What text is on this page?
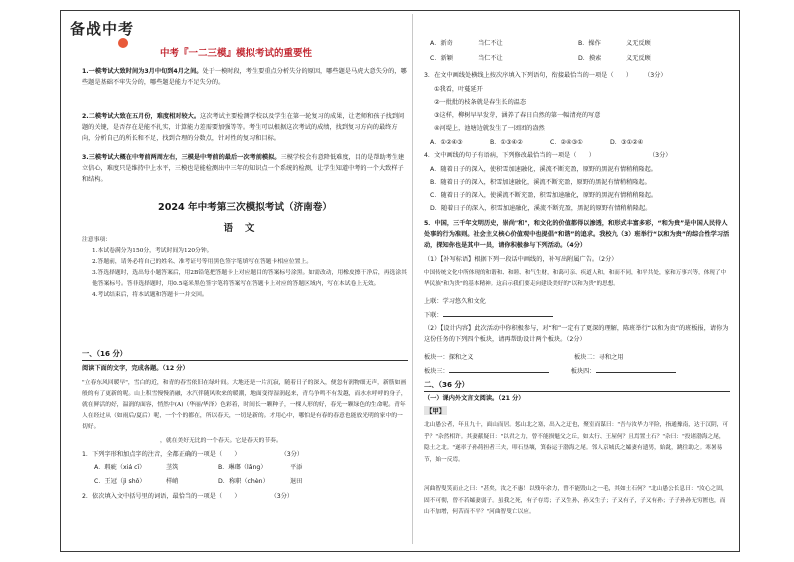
备战中考
中考『一二三模』模拟考试的重要性
1.一模考试大致时间为3月中旬到4月之间。处于一模时段，考生要重点分析失分的原因，哪些题是马虎大意失分的，哪些题是基础不牢失分的，哪些题是能力不足失分的。
2.二模考试大致在五月份，难度相对较大。这次考试主要检测学校以及学生在第一轮复习的成果，让老师和孩子找到问题的关键，是否存在是能不扎实，计算能力差需要加强等等。考生可以根据这次考试的成绩，找到复习方向的最终方向，分析自己的所长和不足，找到合理的分数点，针对性的复习和目标。
3.三模考试大概在中考前两周左右，三模是中考前的最后一次考前模拟。三模学校会有意降低难度，目的是帮助考生建立信心，难度只是维持中上水平，三模也是能检测出中三年的知识点一个系统的检测，让学生知道中考的一个大致样子和结构。
2024 年中考第三次模拟考试（济南卷）
语文
注意事项：
1.本试卷满分为150分，考试时间为120分钟。
2.答题前，请务必将自己的姓名、准考证号等用黑色签字笔填写在答题卡相应位置上。
3.答选择题时，选出每小题答案后，用2B铅笔把答题卡上对应题目的答案标号涂黑。如需改动，用橡皮擦干净后，再选涂其他答案标号。答非选择题时，用0.5毫米黑色签字笔将答案写在答题卡上对应的答题区域内，写在本试卷上无效。
4.考试结束后，将本试题和答题卡一并交回。
一、（16 分）
阅读下面的文字，完成各题。（12 分）
"立春东风回暖早"，雪白的近，和青的春雪依旧在绿叶间。大地还是一片沉寂，随着日子的深入，便忽有润物细无声，新筋如画般的有了更新的呢。山上积雪慢慢消融，水汽伴随风吹来的暖潮，地面变得湿润起来，青鸟争鸣不有发越，而水水呼呼的身子，就在鲜活的好，温润的面容，悄然中(A)（华丽/华泽）色彩着，时间长一颗种子，一棵人形的好，春光一颗绿色的生命呢。青年人在经过从（如雨后/夏后）呢，一个个的都在，所以春天，一切是新的。才用心中，哪怕是有春的春意也能放光明的家中的一切好。
，就在美好无比的一个春天。它是春天的节奏。
1．下列字形和加点字的注音，全都正确的一项是（　　）	（3分）
A．瑕疵（xiá cī）	茎筑	B．琳瑯（lǎng）	平添
C．王冠（jì shǒ）	样峭	D．称职（chèn）	退田
2．依次填入文中括号里的词语，最恰当的一项是（　　）	（3分）
A．新奇	当仁不让	B．操作	义无反顾
C．新颖	当仁不让	D．摸索	义无反顾
3．在文中画线处横线上按次序填入下列语句，衔接最恰当的一项是（　　） （3分）
①我看，叶蔓延开
②一批批的枝条就是春生长的温态
③这样，柳树早早发芽，涵养了春日自然的第一幅清亮的写意
④河堤上，池塘边就发生了一团团的盎然
A．①②④③	B．①③④②	C．②④③①	D．③①②④
4．文中画线的句子有语病，下列修改最恰当的一项是（　　）	（3分）
A．随着日子的深入，使积雪加速融化，溪流不断充盈，原野的黑泥有情稍稍隆起。
B．随着日子的深入，积雪加速融化，溪流不断充盈，原野的黑泥有情稍稍隆起。
C．随着日子的深入，使溪流不断充盈，积雪加速融化，原野的黑泥有情稍稍隆起。
D．随着日子的深入，积雪加速融化，溪流不断充盈，黑泥的原野有情稍稍隆起。
5．中国，三千年文明历史，崇尚"和"，和文化的价值都得以渗透，和形式丰富多彩，“和为贵”是中国人民待人处事的行为准则。社会主义核心价值观中也提倡“和谐”的追求。我校九（3）班举行“以和为贵”的综合性学习活动，探知你也是其中一员，请你积极参与下列活动。（4分）
（1）【补写标语】根据下列一段话中画线的，补写出附属广告。（2分）
中国传统文化中所体现的和谐和、和睦、和气生财，和蔼可亲、疾道人和，和而不同，和平共处，家和万事兴等，体现了中华民族"和为贵"的基本精神。这启示我们要走向建设美好的"以和为贵"的思想。
上联：学习悠久和文化
下联：
（2）【设计内容】此次活动中你积极参与，对“和”一定有了更深的理解，陈班举行“以和为贵”的班板报，请你为这份任务的下列四个板块，请再帮助设计两个板块。（2分）
板块一：探和之义	板块二：寻和之用
板块三：	板块四：
二、（36 分）
（一）课内外文言文阅读。（21 分）
【甲】
北山愚公者，年且九十，面山而居。惩山北之塞，出入之迂也，聚室而谋曰："吾与汝毕力平险，指通豫南，达于汉阴，可乎？"杂然相许。其妻献疑曰："以君之力，曾不能损魁父之丘，如太行、王屋何？且焉置土石？"杂曰："投诸渤海之尾，隐土之北。"遂率子孙荷担者三夫，叩石垦壤，箕畚运于渤海之尾。邻人京城氏之孀妻有遗男，始龀，跳往助之。寒暑易节，始一反焉。
河曲智叟笑而止之曰："甚矣，汝之不惠！以残年余力，曾不能毁山之一毛，其如土石何？"北山愚公长息曰："汝心之固，固不可彻，曾不若孀妻弱子。虽我之死，有子存焉；子又生孙，孙又生子；子又有子，子又有孙；子子孙孙无穷匮也，而山不加增，何苦而不平？"河曲智叟亡以应。
